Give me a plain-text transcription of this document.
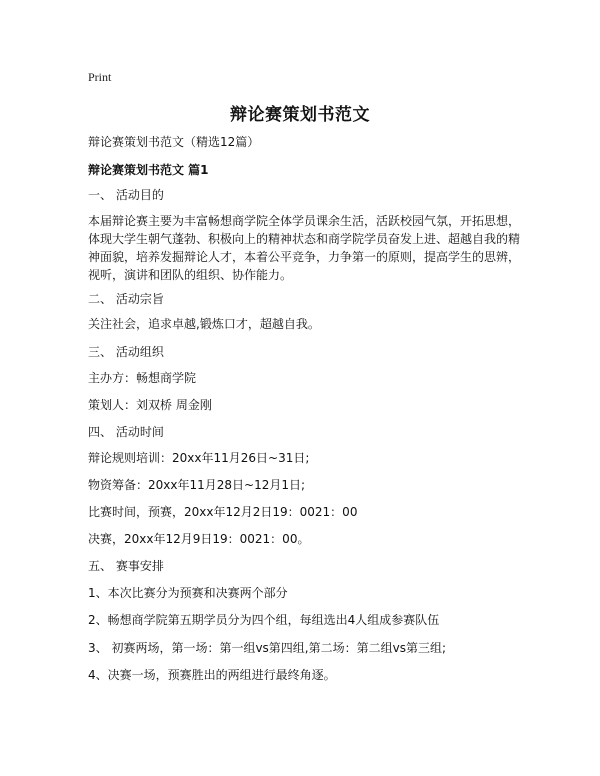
Print
辩论赛策划书范文
辩论赛策划书范文（精选12篇）
辩论赛策划书范文 篇1
一、 活动目的
本届辩论赛主要为丰富畅想商学院全体学员课余生活，活跃校园气氛，开拓思想，
体现大学生朝气蓬勃、积极向上的精神状态和商学院学员奋发上进、超越自我的精
神面貌，培养发掘辩论人才，本着公平竞争，力争第一的原则，提高学生的思辨，
视听，演讲和团队的组织、协作能力。
二、 活动宗旨
关注社会，追求卓越,锻炼口才，超越自我。
三、 活动组织
主办方：畅想商学院
策划人：刘双桥 周金刚
四、 活动时间
辩论规则培训：20xx年11月26日~31日;
物资筹备：20xx年11月28日~12月1日;
比赛时间，预赛，20xx年12月2日19：0021：00
决赛，20xx年12月9日19：0021：00。
五、 赛事安排
1、本次比赛分为预赛和决赛两个部分
2、畅想商学院第五期学员分为四个组，每组选出4人组成参赛队伍
3、 初赛两场，第一场：第一组vs第四组,第二场：第二组vs第三组;
4、决赛一场，预赛胜出的两组进行最终角逐。
